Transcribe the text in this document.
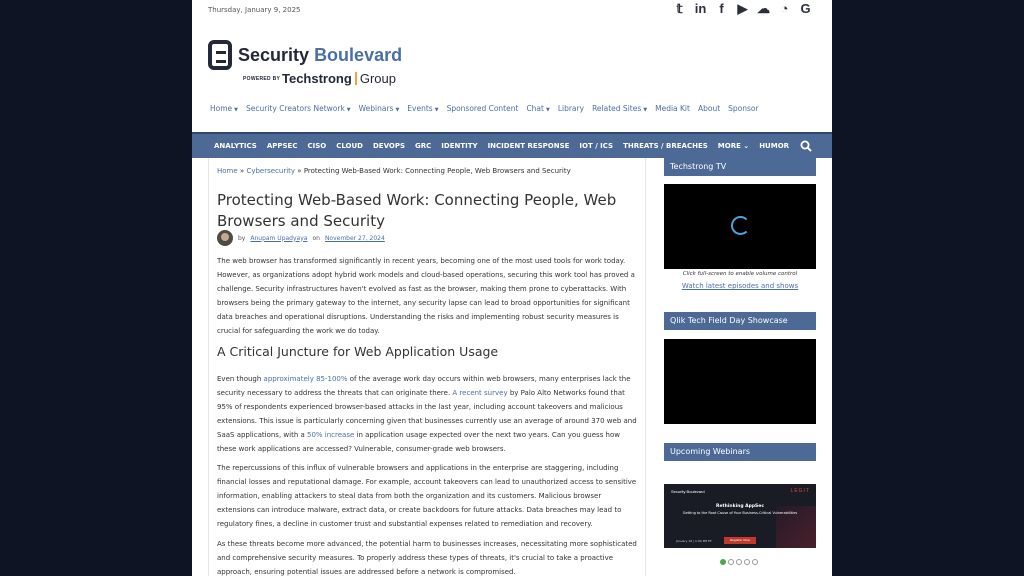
Thursday, January 9, 2025	𝕥 in	f	▶ ☁ ◔ G
Security Boulevard
POWERED BY Techstrong Group
Home ▼ Security Creators Network ▼ Webinars ▼ Events ▼ Sponsored Content Chat ▼ Library Related Sites ▼ Media Kit About Sponsor
ANALYTICS APPSEC CISO CLOUD DEVOPS GRC IDENTITY INCIDENT RESPONSE IOT / ICS THREATS / BREACHES MORE ⌄ HUMOR
Home » Cybersecurity » Protecting Web-Based Work: Connecting People, Web Browsers and Security
Protecting Web-Based Work: Connecting People, Web Browsers and Security
by Anupam Upadyaya on November 27, 2024

The web browser has transformed significantly in recent years, becoming one of the most used tools for work today. However, as organizations adopt hybrid work models and cloud-based operations, securing this work tool has proved a challenge. Security infrastructures haven't evolved as fast as the browser, making them prone to cyberattacks. With browsers being the primary gateway to the internet, any security lapse can lead to broad opportunities for significant data breaches and operational disruptions. Understanding the risks and implementing robust security measures is crucial for safeguarding the work we do today.

A Critical Juncture for Web Application Usage

Even though approximately 85-100% of the average work day occurs within web browsers, many enterprises lack the security necessary to address the threats that can originate there. A recent survey by Palo Alto Networks found that 95% of respondents experienced browser-based attacks in the last year, including account takeovers and malicious extensions. This issue is particularly concerning given that businesses currently use an average of around 370 web and SaaS applications, with a 50% increase in application usage expected over the next two years. Can you guess how these work applications are accessed? Vulnerable, consumer-grade web browsers.

The repercussions of this influx of vulnerable browsers and applications in the enterprise are staggering, including financial losses and reputational damage. For example, account takeovers can lead to unauthorized access to sensitive information, enabling attackers to steal data from both the organization and its customers. Malicious browser extensions can introduce malware, extract data, or create backdoors for future attacks. Data breaches may lead to regulatory fines, a decline in customer trust and substantial expenses related to remediation and recovery.

As these threats become more advanced, the potential harm to businesses increases, necessitating more sophisticated and comprehensive security measures. To properly address these types of threats, it's crucial to take a proactive approach, ensuring potential issues are addressed before a network is compromised.

Techstrong TV
Click full-screen to enable volume control
Watch latest episodes and shows
Qlik Tech Field Day Showcase
Upcoming Webinars
Security Boulevard	LEGIT
Rethinking AppSec
Getting to the Root Cause of Your Business-Critical Vulnerabilities
January 16 | 1:00 PM ET	Register Now
